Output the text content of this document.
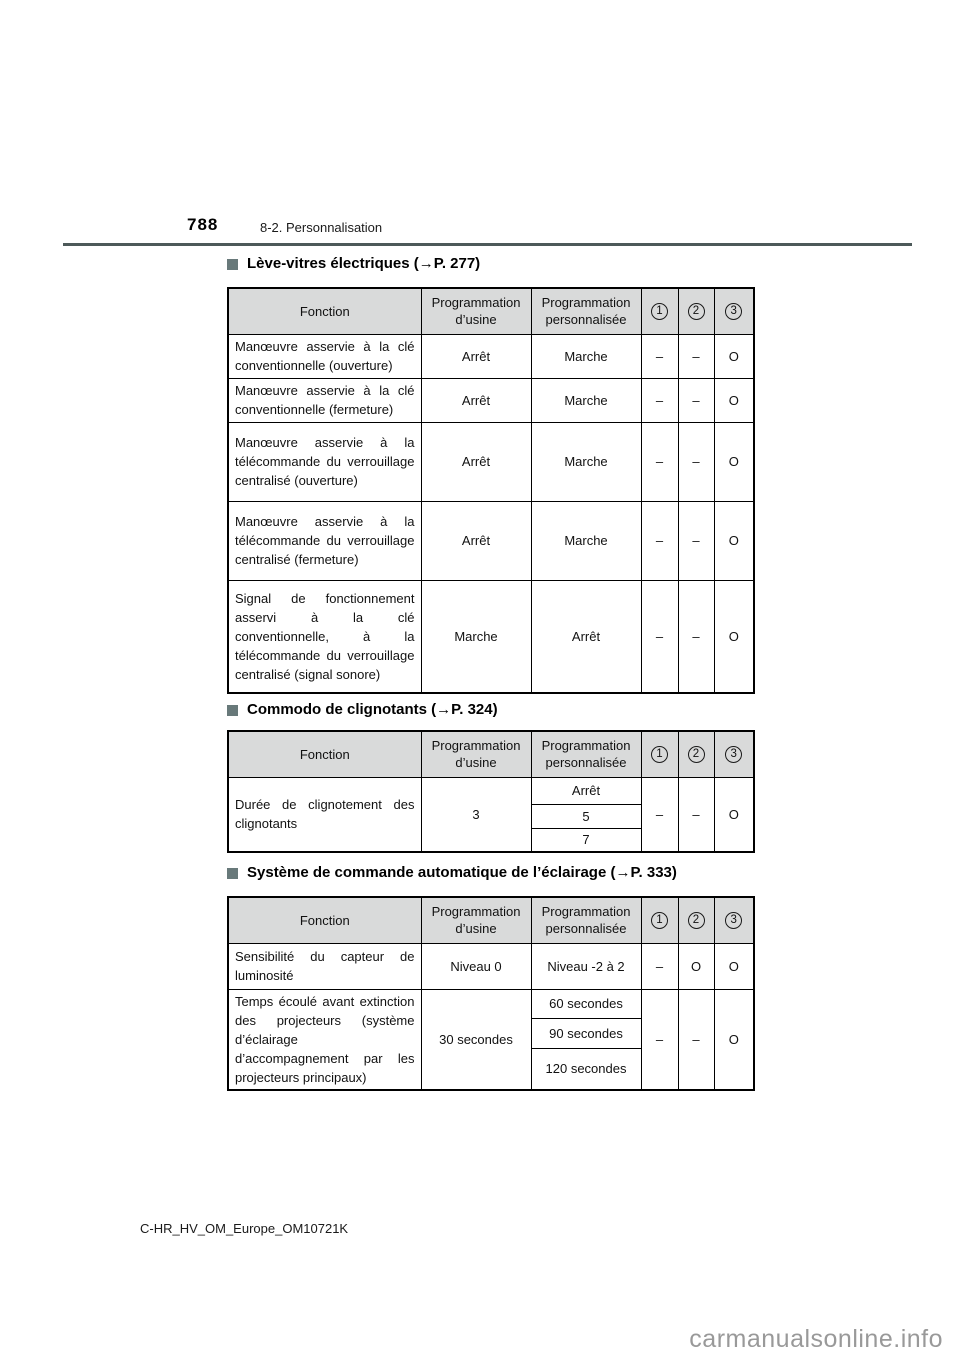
788	8-2. Personnalisation
Lève-vitres électriques (→P. 277)
Fonction	Programmation d’usine	Programmation personnalisée	1	2	3
Manœuvre asservie à la clé conventionnelle (ouverture)	Arrêt	Marche	–	–	O
Manœuvre asservie à la clé conventionnelle (fermeture)	Arrêt	Marche	–	–	O
Manœuvre asservie à la télécommande du verrouillage centralisé (ouverture)	Arrêt	Marche	–	–	O
Manœuvre asservie à la télécommande du verrouillage centralisé (fermeture)	Arrêt	Marche	–	–	O
Signal de fonctionnement asservi à la clé conventionnelle, à la télécommande du verrouillage centralisé (signal sonore)	Marche	Arrêt	–	–	O
Commodo de clignotants (→P. 324)
Fonction	Programmation d’usine	Programmation personnalisée	1	2	3
Durée de clignotement des clignotants	3	Arrêt	–	–	O
		5			
		7			
Système de commande automatique de l’éclairage (→P. 333)
Fonction	Programmation d’usine	Programmation personnalisée	1	2	3
Sensibilité du capteur de luminosité	Niveau 0	Niveau -2 à 2	–	O	O
Temps écoulé avant extinction des projecteurs (système d’éclairage d’accompagnement par les projecteurs principaux)	30 secondes	60 secondes	–	–	O
		90 secondes			
		120 secondes			
C-HR_HV_OM_Europe_OM10721K
carmanualsonline.info
